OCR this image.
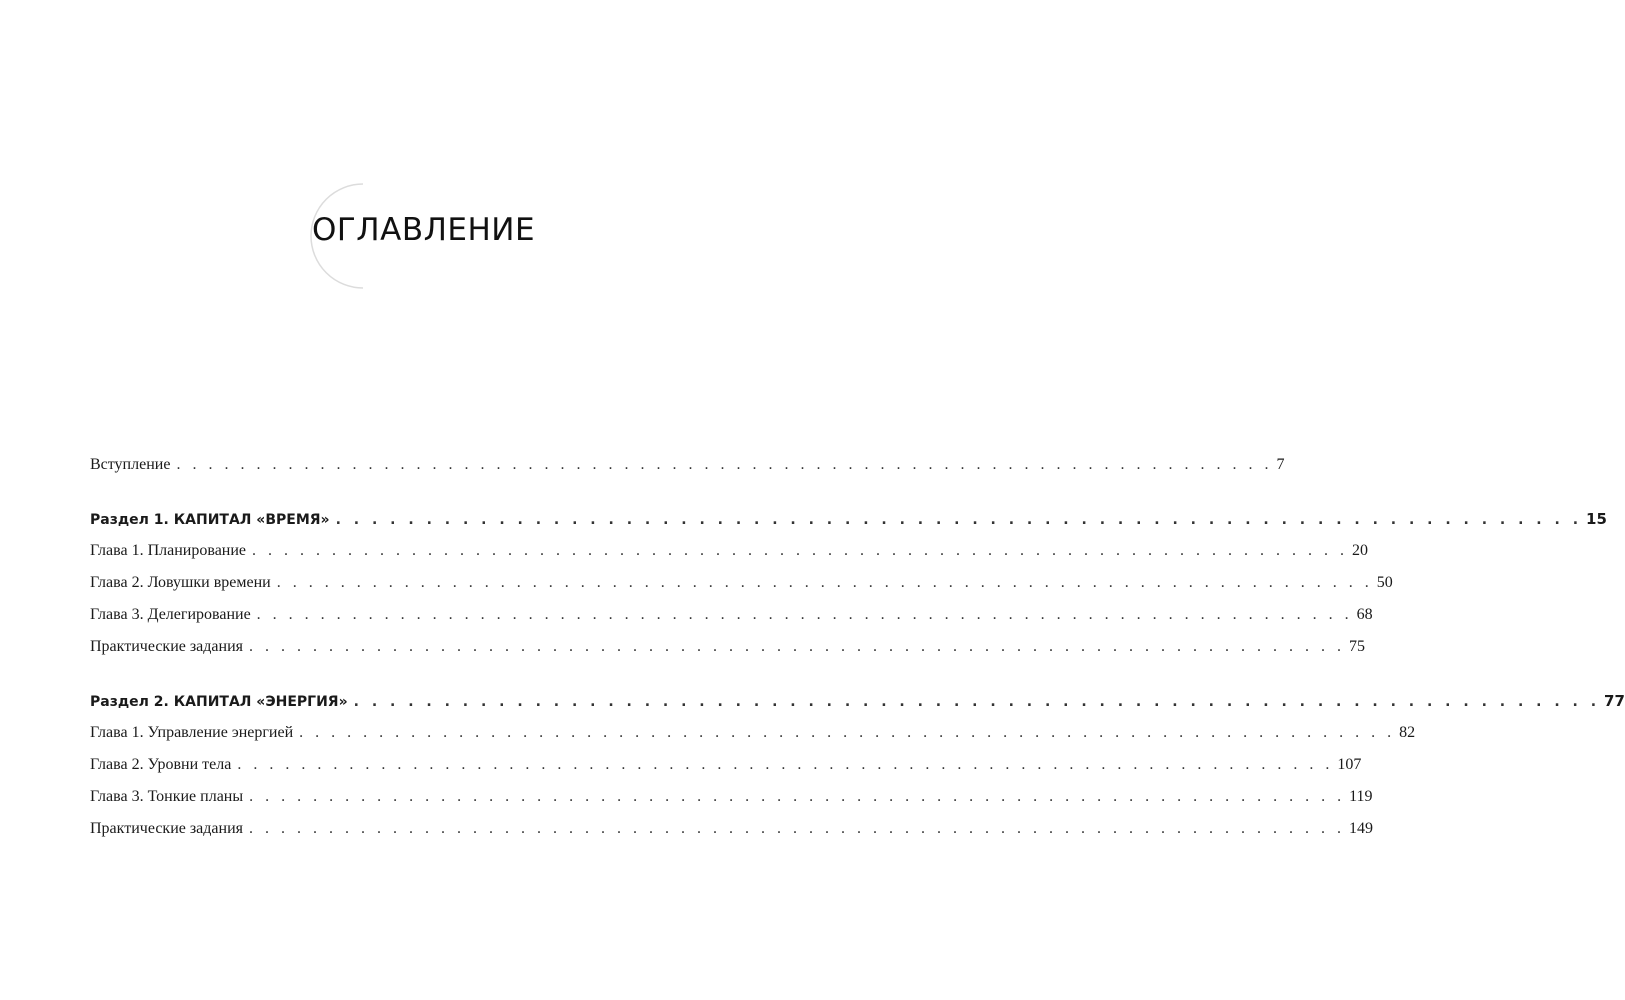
ОГЛАВЛЕНИЕ
Вступление . . . . . . . . . . . . . . . . . . . . . . . . . . . . . . . . . . . . . . . . . . . . . . . . . . . . . . . . . . . . . . . . . . . . . 7
Раздел 1. КАПИТАЛ «ВРЕМЯ» . . . . . . . . . . . . . . . . . . . . . . . . . . . . . . . . . . . . . . . . . . . . . . . . . . . . . . . . . . . . . . . . . . . . . 15
Глава 1. Планирование . . . . . . . . . . . . . . . . . . . . . . . . . . . . . . . . . . . . . . . . . . . . . . . . . . . . . . . . . . . . . . . . . . . . . 20
Глава 2. Ловушки времени . . . . . . . . . . . . . . . . . . . . . . . . . . . . . . . . . . . . . . . . . . . . . . . . . . . . . . . . . . . . . . . . . . . . . 50
Глава 3. Делегирование . . . . . . . . . . . . . . . . . . . . . . . . . . . . . . . . . . . . . . . . . . . . . . . . . . . . . . . . . . . . . . . . . . . . . 68
Практические задания . . . . . . . . . . . . . . . . . . . . . . . . . . . . . . . . . . . . . . . . . . . . . . . . . . . . . . . . . . . . . . . . . . . . . 75
Раздел 2. КАПИТАЛ «ЭНЕРГИЯ» . . . . . . . . . . . . . . . . . . . . . . . . . . . . . . . . . . . . . . . . . . . . . . . . . . . . . . . . . . . . . . . . . . . . . 77
Глава 1. Управление энергией . . . . . . . . . . . . . . . . . . . . . . . . . . . . . . . . . . . . . . . . . . . . . . . . . . . . . . . . . . . . . . . . . . . . . 82
Глава 2. Уровни тела . . . . . . . . . . . . . . . . . . . . . . . . . . . . . . . . . . . . . . . . . . . . . . . . . . . . . . . . . . . . . . . . . . . . . 107
Глава 3. Тонкие планы . . . . . . . . . . . . . . . . . . . . . . . . . . . . . . . . . . . . . . . . . . . . . . . . . . . . . . . . . . . . . . . . . . . . . 119
Практические задания . . . . . . . . . . . . . . . . . . . . . . . . . . . . . . . . . . . . . . . . . . . . . . . . . . . . . . . . . . . . . . . . . . . . . 149
